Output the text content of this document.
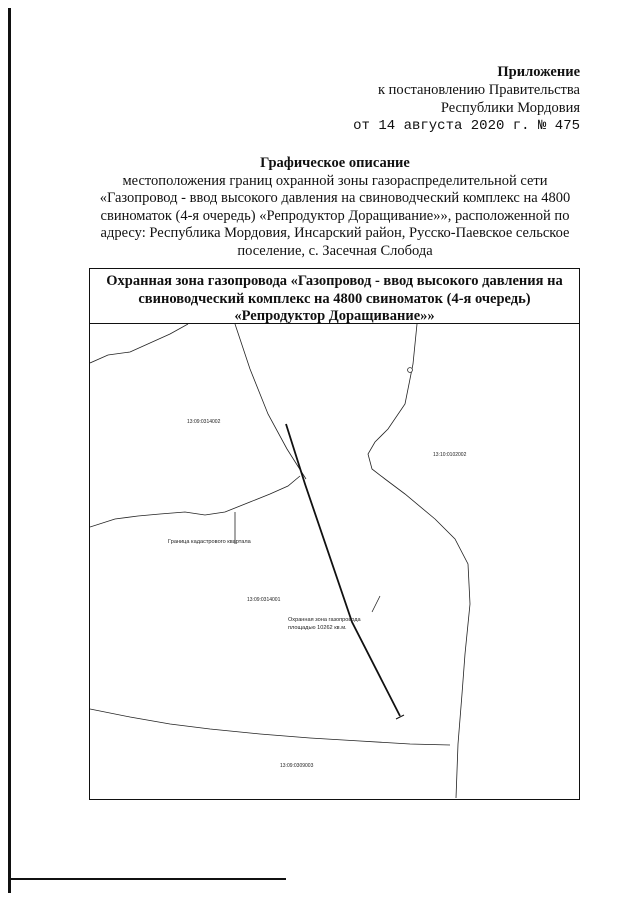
Приложение
к постановлению Правительства
Республики Мордовия
от 14 августа 2020 г. № 475
Графическое описание
местоположения границ охранной зоны газораспределительной сети
«Газопровод - ввод высокого давления на свиноводческий комплекс на 4800
свиноматок (4-я очередь) «Репродуктор Доращивание»», расположенной по
адресу: Республика Мордовия, Инсарский район, Русско-Паевское сельское
поселение, с. Засечная Слобода
Охранная зона газопровода «Газопровод - ввод высокого давления на
свиноводческий комплекс на 4800 свиноматок (4-я очередь)
«Репродуктор Доращивание»»
13:09:0314002
13:10:0102002
13:09:0314001
13:09:0309003
Граница кадастрового квартала
Охранная зона газопровода
площадью 10262 кв.м.
